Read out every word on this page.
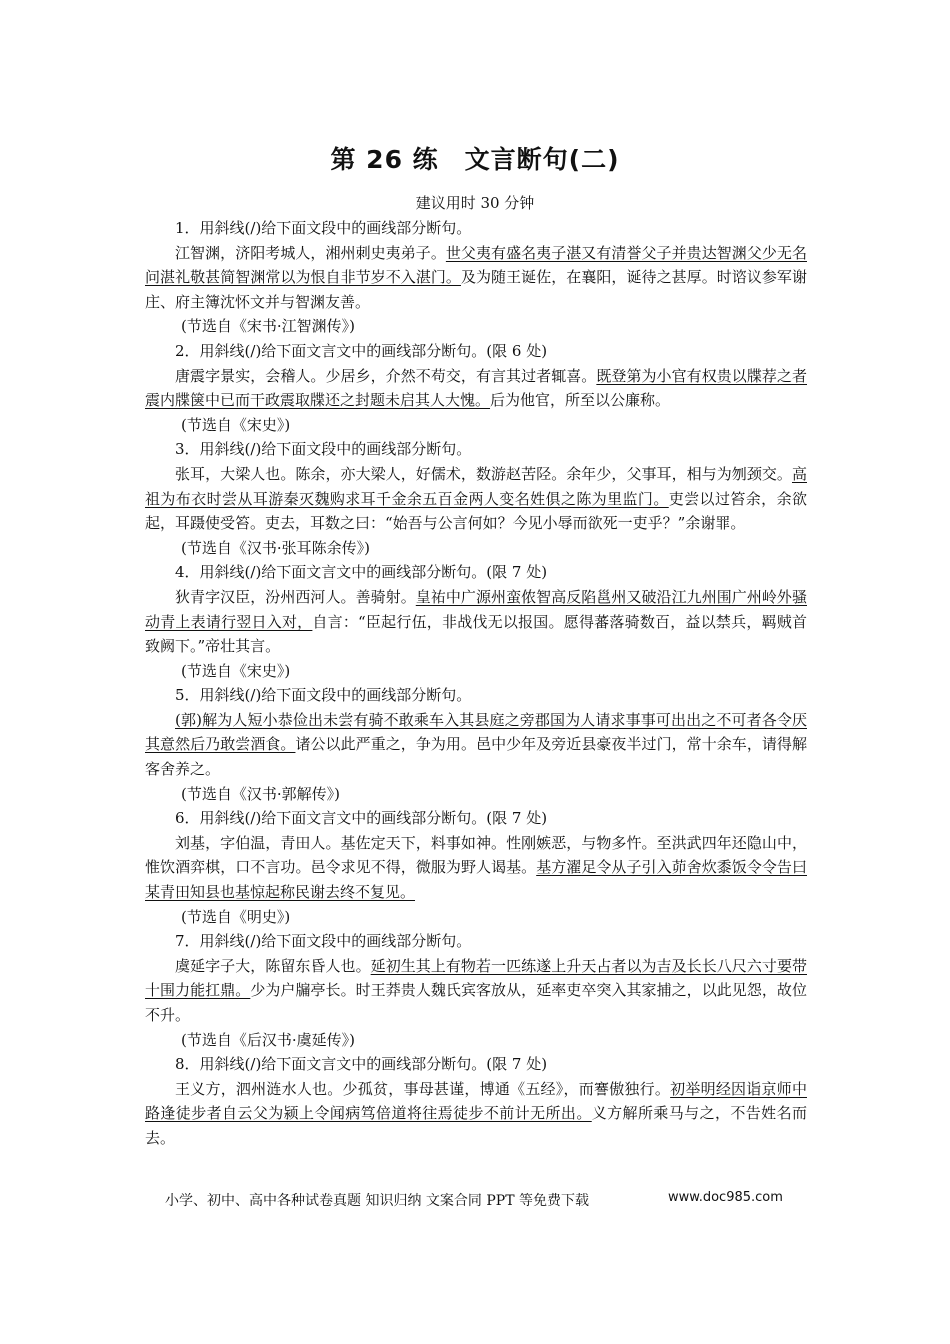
第 26 练　文言断句(二)
建议用时 30 分钟

1．用斜线(/)给下面文段中的画线部分断句。

江智渊，济阳考城人，湘州刺史夷弟子。世父夷有盛名夷子湛又有清誉父子并贵达智渊父少无名问湛礼敬甚简智渊常以为恨自非节岁不入湛门。及为随王诞佐，在襄阳，诞待之甚厚。时谘议参军谢庄、府主簿沈怀文并与智渊友善。

(节选自《宋书·江智渊传》)

2．用斜线(/)给下面文言文中的画线部分断句。(限 6 处)

唐震字景实，会稽人。少居乡，介然不苟交，有言其过者辄喜。既登第为小官有权贵以牒荐之者震内牒箧中已而干政震取牒还之封题未启其人大愧。后为他官，所至以公廉称。

(节选自《宋史》)

3．用斜线(/)给下面文段中的画线部分断句。

张耳，大梁人也。陈余，亦大梁人，好儒术，数游赵苦陉。余年少，父事耳，相与为刎颈交。高祖为布衣时尝从耳游秦灭魏购求耳千金余五百金两人变名姓俱之陈为里监门。吏尝以过笞余，余欲起，耳蹑使受笞。吏去，耳数之曰：“始吾与公言何如？今见小辱而欲死一吏乎？”余谢罪。

(节选自《汉书·张耳陈余传》)

4．用斜线(/)给下面文言文中的画线部分断句。(限 7 处)

狄青字汉臣，汾州西河人。善骑射。皇祐中广源州蛮侬智高反陷邕州又破沿江九州围广州岭外骚动青上表请行翌日入对，自言：“臣起行伍，非战伐无以报国。愿得蕃落骑数百，益以禁兵，羁贼首致阙下。”帝壮其言。

(节选自《宋史》)

5．用斜线(/)给下面文段中的画线部分断句。

(郭)解为人短小恭俭出未尝有骑不敢乘车入其县庭之旁郡国为人请求事事可出出之不可者各令厌其意然后乃敢尝酒食。诸公以此严重之，争为用。邑中少年及旁近县豪夜半过门，常十余车，请得解客舍养之。

(节选自《汉书·郭解传》)

6．用斜线(/)给下面文言文中的画线部分断句。(限 7 处)

刘基，字伯温，青田人。基佐定天下，料事如神。性刚嫉恶，与物多忤。至洪武四年还隐山中，惟饮酒弈棋，口不言功。邑令求见不得，微服为野人谒基。基方濯足令从子引入茆舍炊黍饭令令告曰某青田知县也基惊起称民谢去终不复见。

(节选自《明史》)

7．用斜线(/)给下面文段中的画线部分断句。

虞延字子大，陈留东昏人也。延初生其上有物若一匹练遂上升天占者以为吉及长长八尺六寸要带十围力能扛鼎。少为户牖亭长。时王莽贵人魏氏宾客放从，延率吏卒突入其家捕之，以此见怨，故位不升。

(节选自《后汉书·虞延传》)

8．用斜线(/)给下面文言文中的画线部分断句。(限 7 处)

王义方，泗州涟水人也。少孤贫，事母甚谨，博通《五经》，而謇傲独行。初举明经因诣京师中路逢徒步者自云父为颍上令闻病笃倍道将往焉徒步不前计无所出。义方解所乘马与之，不告姓名而去。

小学、初中、高中各种试卷真题 知识归纳 文案合同 PPT 等免费下载	www.doc985.com
